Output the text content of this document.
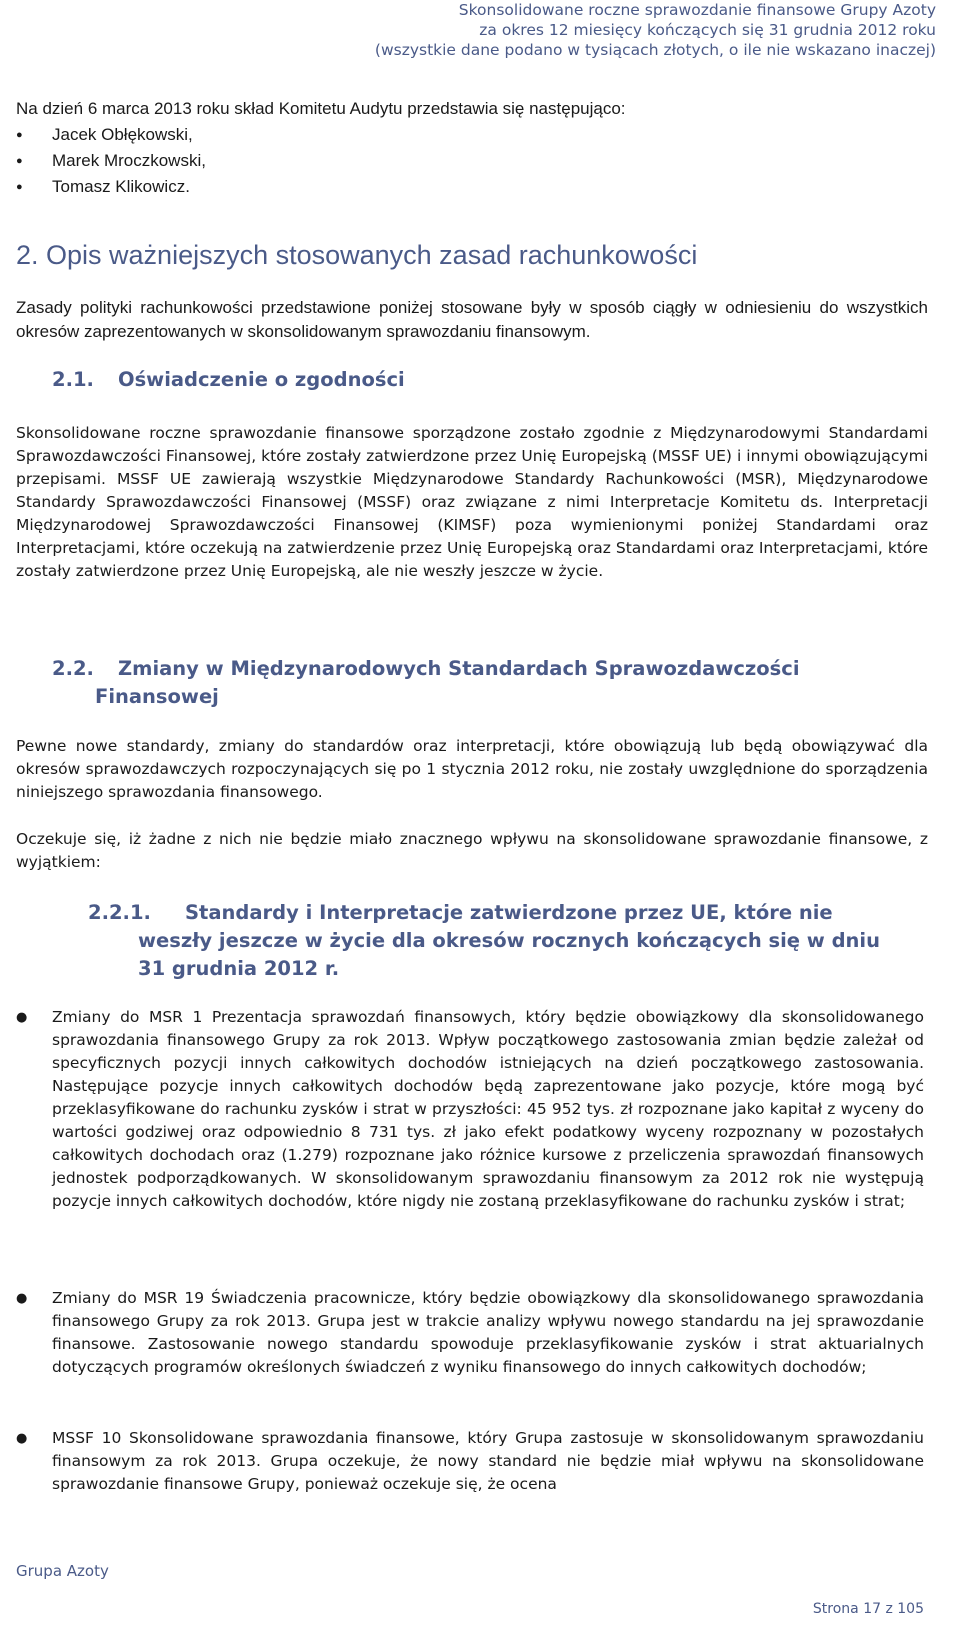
Skonsolidowane roczne sprawozdanie finansowe Grupy Azoty
za okres 12 miesięcy kończących się 31 grudnia 2012 roku
(wszystkie dane podano w tysiącach złotych, o ile nie wskazano inaczej)
Na dzień 6 marca 2013 roku skład Komitetu Audytu przedstawia się następująco:
● Jacek Obłękowski,
● Marek Mroczkowski,
● Tomasz Klikowicz.
2. Opis ważniejszych stosowanych zasad rachunkowości
Zasady polityki rachunkowości przedstawione poniżej stosowane były w sposób ciągły w odniesieniu do wszystkich okresów zaprezentowanych w skonsolidowanym sprawozdaniu finansowym.
2.1. Oświadczenie o zgodności
Skonsolidowane roczne sprawozdanie finansowe sporządzone zostało zgodnie z Międzynarodowymi Standardami Sprawozdawczości Finansowej, które zostały zatwierdzone przez Unię Europejską (MSSF UE) i innymi obowiązującymi przepisami. MSSF UE zawierają wszystkie Międzynarodowe Standardy Rachunkowości (MSR), Międzynarodowe Standardy Sprawozdawczości Finansowej (MSSF) oraz związane z nimi Interpretacje Komitetu ds. Interpretacji Międzynarodowej Sprawozdawczości Finansowej (KIMSF) poza wymienionymi poniżej Standardami oraz Interpretacjami, które oczekują na zatwierdzenie przez Unię Europejską oraz Standardami oraz Interpretacjami, które zostały zatwierdzone przez Unię Europejską, ale nie weszły jeszcze w życie.
2.2. Zmiany w Międzynarodowych Standardach Sprawozdawczości
Finansowej
Pewne nowe standardy, zmiany do standardów oraz interpretacji, które obowiązują lub będą obowiązywać dla okresów sprawozdawczych rozpoczynających się po 1 stycznia 2012 roku, nie zostały uwzględnione do sporządzenia niniejszego sprawozdania finansowego.
Oczekuje się, iż żadne z nich nie będzie miało znacznego wpływu na skonsolidowane sprawozdanie finansowe, z wyjątkiem:
2.2.1. Standardy i Interpretacje zatwierdzone przez UE, które nie
weszły jeszcze w życie dla okresów rocznych kończących się w dniu
31 grudnia 2012 r.
● Zmiany do MSR 1 Prezentacja sprawozdań finansowych, który będzie obowiązkowy dla skonsolidowanego sprawozdania finansowego Grupy za rok 2013. Wpływ początkowego zastosowania zmian będzie zależał od specyficznych pozycji innych całkowitych dochodów istniejących na dzień początkowego zastosowania. Następujące pozycje innych całkowitych dochodów będą zaprezentowane jako pozycje, które mogą być przeklasyfikowane do rachunku zysków i strat w przyszłości: 45 952 tys. zł rozpoznane jako kapitał z wyceny do wartości godziwej oraz odpowiednio 8 731 tys. zł jako efekt podatkowy wyceny rozpoznany w pozostałych całkowitych dochodach oraz (1.279) rozpoznane jako różnice kursowe z przeliczenia sprawozdań finansowych jednostek podporządkowanych. W skonsolidowanym sprawozdaniu finansowym za 2012 rok nie występują pozycje innych całkowitych dochodów, które nigdy nie zostaną przeklasyfikowane do rachunku zysków i strat;
● Zmiany do MSR 19 Świadczenia pracownicze, który będzie obowiązkowy dla skonsolidowanego sprawozdania finansowego Grupy za rok 2013. Grupa jest w trakcie analizy wpływu nowego standardu na jej sprawozdanie finansowe. Zastosowanie nowego standardu spowoduje przeklasyfikowanie zysków i strat aktuarialnych dotyczących programów określonych świadczeń z wyniku finansowego do innych całkowitych dochodów;
● MSSF 10 Skonsolidowane sprawozdania finansowe, który Grupa zastosuje w skonsolidowanym sprawozdaniu finansowym za rok 2013. Grupa oczekuje, że nowy standard nie będzie miał wpływu na skonsolidowane sprawozdanie finansowe Grupy, ponieważ oczekuje się, że ocena
Grupa Azoty
Strona 17 z 105
